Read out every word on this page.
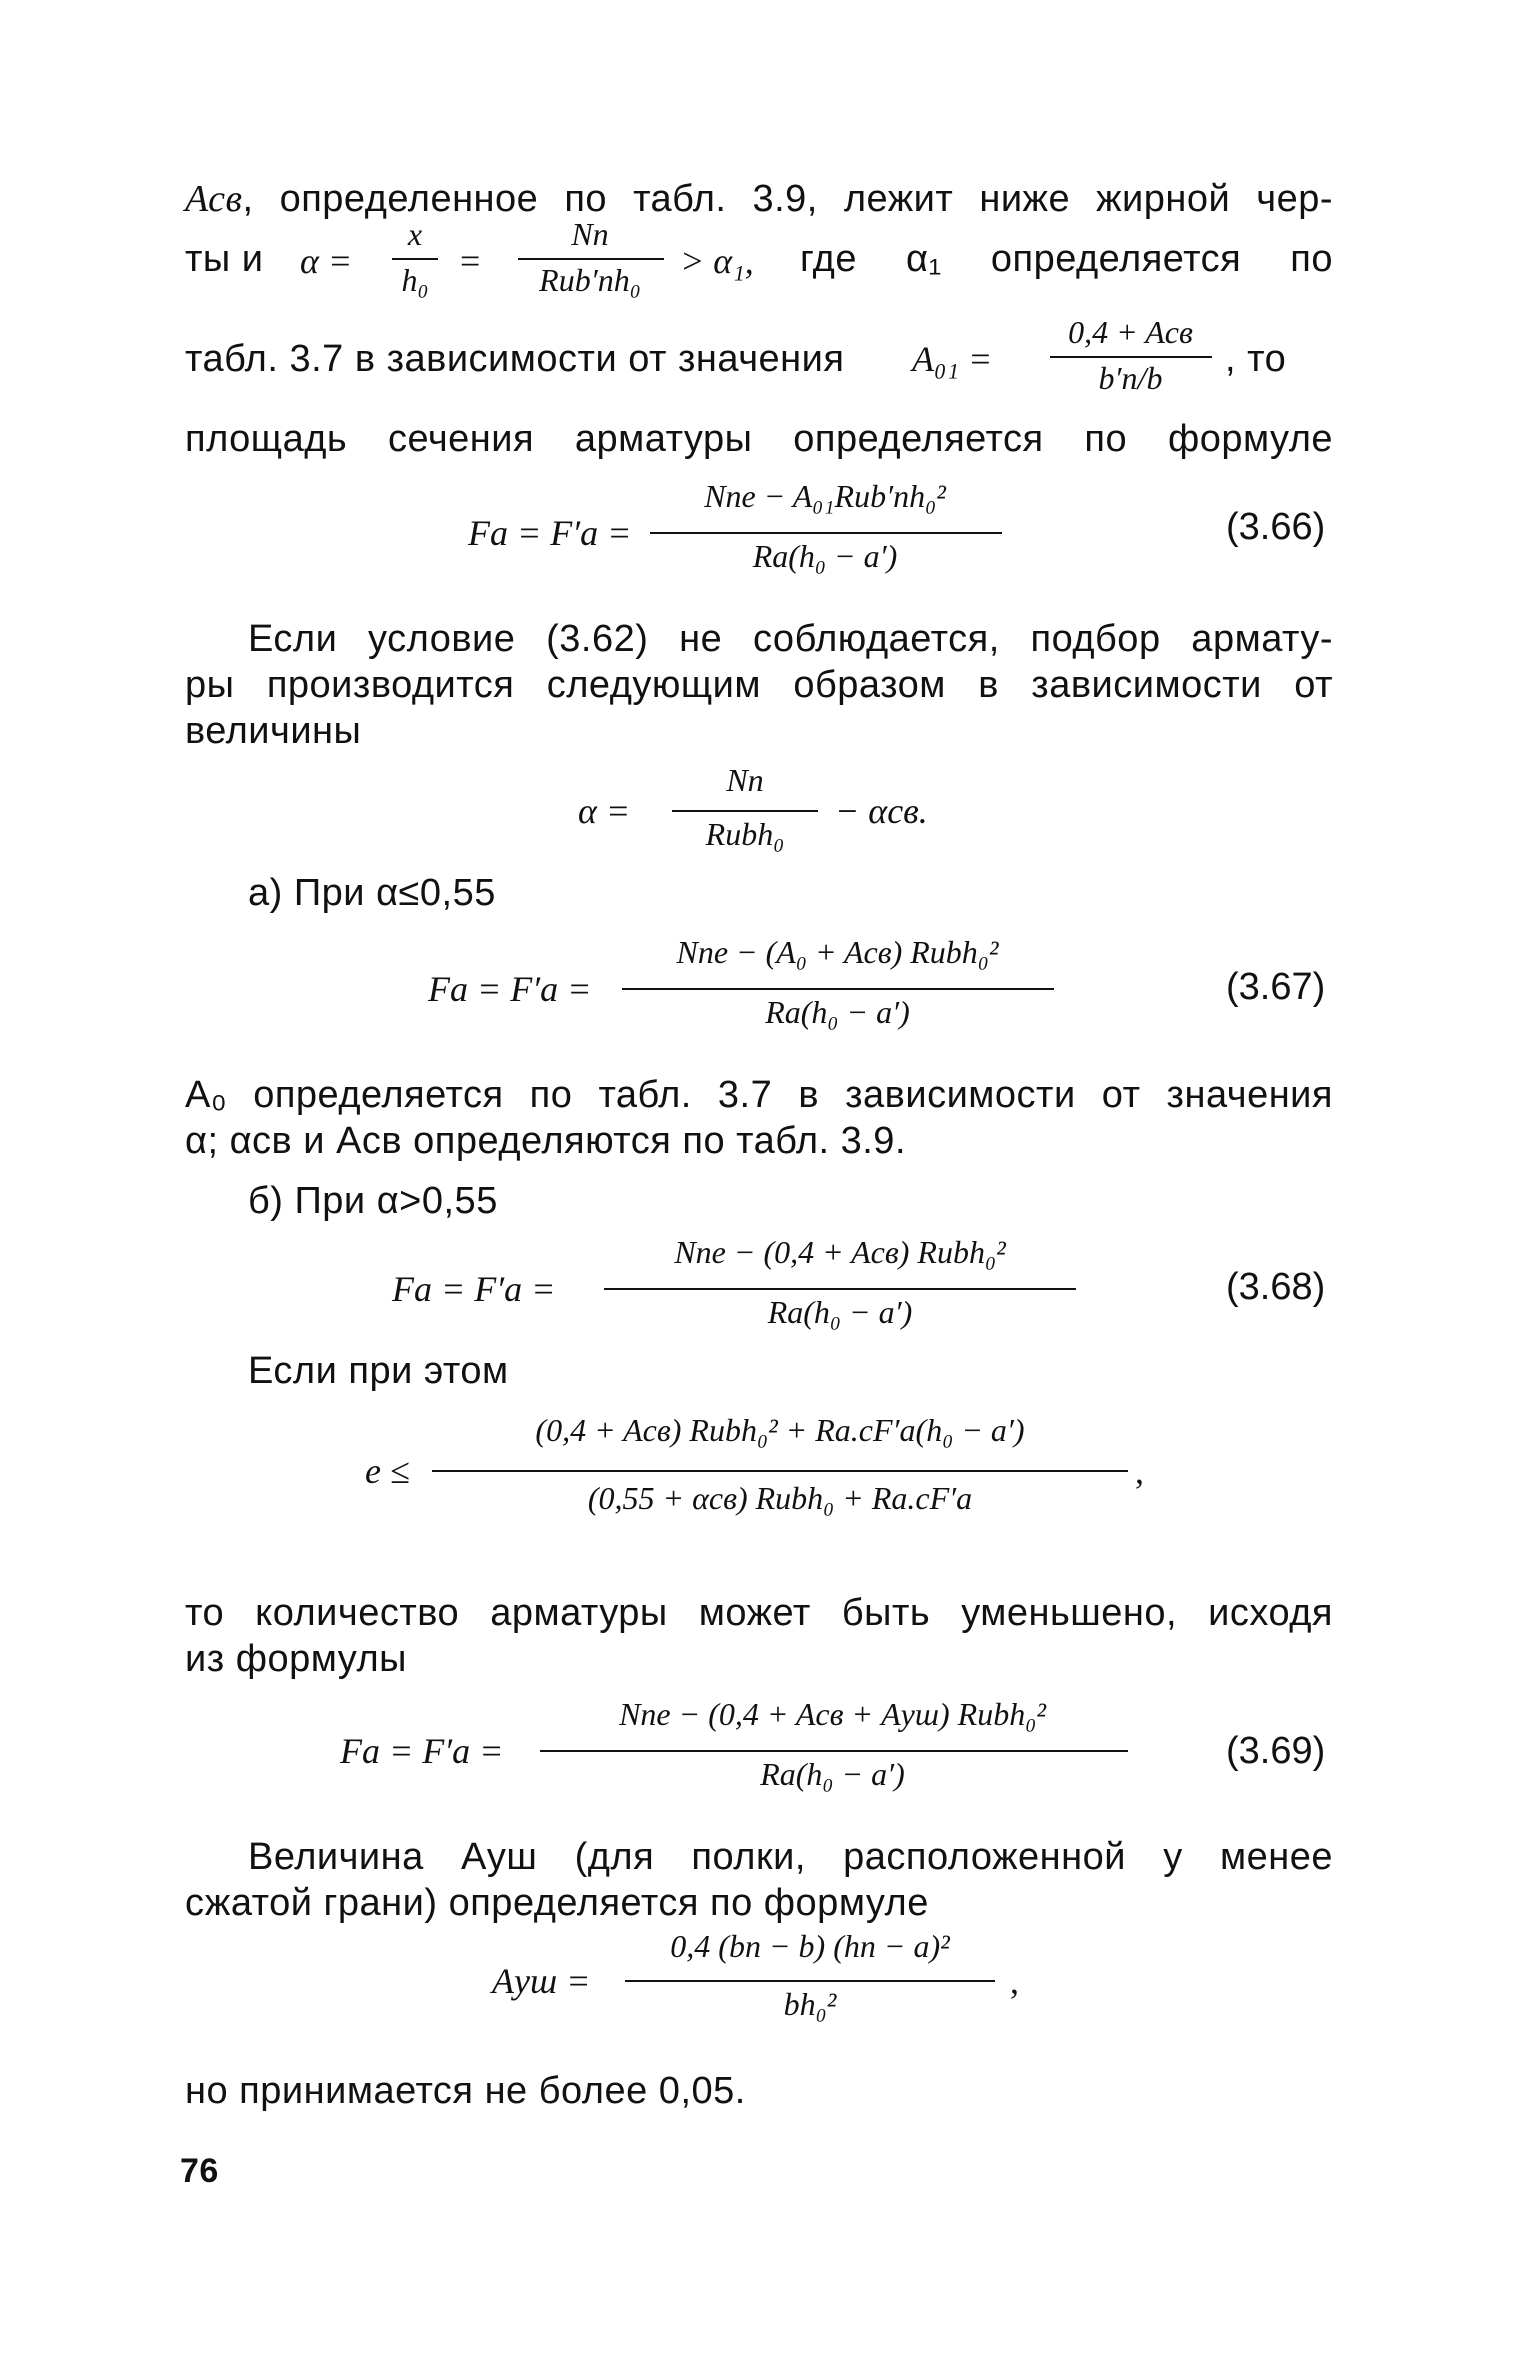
Асв, определенное по табл. 3.9, лежит ниже жирной чер-
ты и α =
x
h₀ =
Nп
Rиb′пh₀	> α₁, где α₁ определяется по
табл. 3.7 в зависимости от значения A₀₁ =
0,4 + Aсв
b′п/b	, то
площадь сечения арматуры определяется по формуле
Fа = F′а =
Nпe − A₀₁Rиb′пh₀²
Rа(h₀ − a′)
(3.66)
Если условие (3.62) не соблюдается, подбор армату-
ры производится следующим образом в зависимости от
величины
α =
Nп
Rиbh₀
− αсв.
а) При α≤0,55
Fа = F′а =
Nпe − (A₀ + Aсв) Rиbh₀²
Rа(h₀ − a′)
(3.67)
A₀ определяется по табл. 3.7 в зависимости от значения
α; αсв и Aсв определяются по табл. 3.9.
б) При α>0,55
Fа = F′а =
Nпe − (0,4 + Aсв) Rиbh₀²
Rа(h₀ − a′)
(3.68)
Если при этом
e ≤
(0,4 + Aсв) Rиbh₀² + Rа.сF′а(h₀ − a′)
(0,55 + αсв) Rиbh₀ + Rа.сF′а
,
то количество арматуры может быть уменьшено, исходя
из формулы
Fа = F′а =
Nпe − (0,4 + Aсв + Aуш) Rиbh₀²
Rа(h₀ − a′)
(3.69)
Величина Aуш (для полки, расположенной у менее
сжатой грани) определяется по формуле
Aуш =
0,4 (bп − b) (hп − a)²
bh₀²
,
но принимается не более 0,05.
76
